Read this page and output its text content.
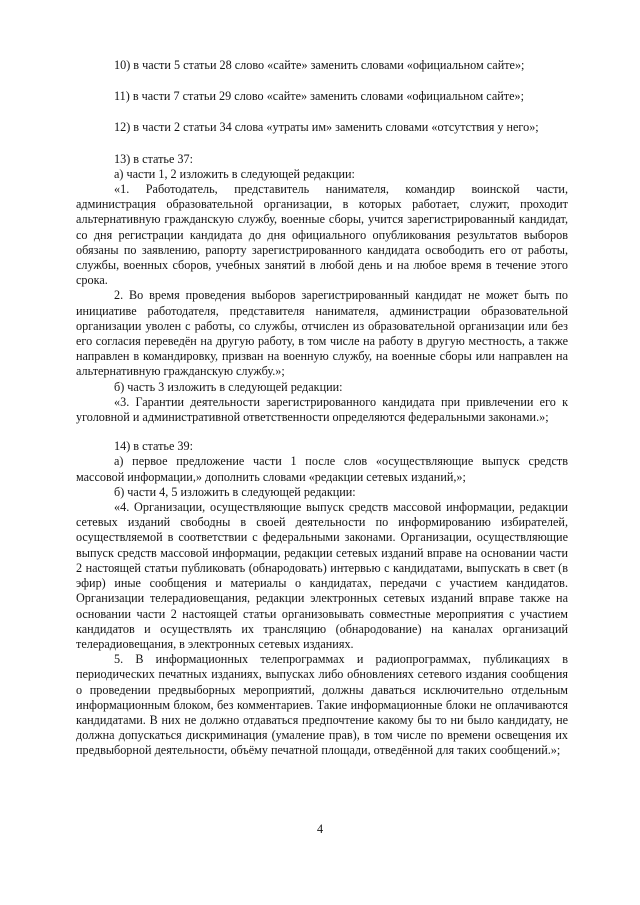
10) в части 5 статьи 28 слово «сайте» заменить словами «официальном сайте»;

11) в части 7 статьи 29 слово «сайте» заменить словами «официальном сайте»;

12) в части 2 статьи 34 слова «утраты им» заменить словами «отсутствия у него»;

13) в статье 37:

а) части 1, 2 изложить в следующей редакции:

«1. Работодатель, представитель нанимателя, командир воинской части, администрация образовательной организации, в которых работает, служит, проходит альтернативную гражданскую службу, военные сборы, учится зарегистрированный кандидат, со дня регистрации кандидата до дня официального опубликования результатов выборов обязаны по заявлению, рапорту зарегистрированного кандидата освободить его от работы, службы, военных сборов, учебных занятий в любой день и на любое время в течение этого срока.

2. Во время проведения выборов зарегистрированный кандидат не может быть по инициативе работодателя, представителя нанимателя, администрации образовательной организации уволен с работы, со службы, отчислен из образовательной организации или без его согласия переведён на другую работу, в том числе на работу в другую местность, а также направлен в командировку, призван на военную службу, на военные сборы или направлен на альтернативную гражданскую службу.»;

б) часть 3 изложить в следующей редакции:

«3. Гарантии деятельности зарегистрированного кандидата при привлечении его к уголовной и административной ответственности определяются федеральными законами.»;

14) в статье 39:

а) первое предложение части 1 после слов «осуществляющие выпуск средств массовой информации,» дополнить словами «редакции сетевых изданий,»;

б) части 4, 5 изложить в следующей редакции:

«4. Организации, осуществляющие выпуск средств массовой информации, редакции сетевых изданий свободны в своей деятельности по информированию избирателей, осуществляемой в соответствии с федеральными законами. Организации, осуществляющие выпуск средств массовой информации, редакции сетевых изданий вправе на основании части 2 настоящей статьи публиковать (обнародовать) интервью с кандидатами, выпускать в свет (в эфир) иные сообщения и материалы о кандидатах, передачи с участием кандидатов. Организации телерадиовещания, редакции электронных сетевых изданий вправе также на основании части 2 настоящей статьи организовывать совместные мероприятия с участием кандидатов и осуществлять их трансляцию (обнародование) на каналах организаций телерадиовещания, в электронных сетевых изданиях.

5. В информационных телепрограммах и радиопрограммах, публикациях в периодических печатных изданиях, выпусках либо обновлениях сетевого издания сообщения о проведении предвыборных мероприятий, должны даваться исключительно отдельным информационным блоком, без комментариев. Такие информационные блоки не оплачиваются кандидатами. В них не должно отдаваться предпочтение какому бы то ни было кандидату, не должна допускаться дискриминация (умаление прав), в том числе по времени освещения их предвыборной деятельности, объёму печатной площади, отведённой для таких сообщений.»;

4
